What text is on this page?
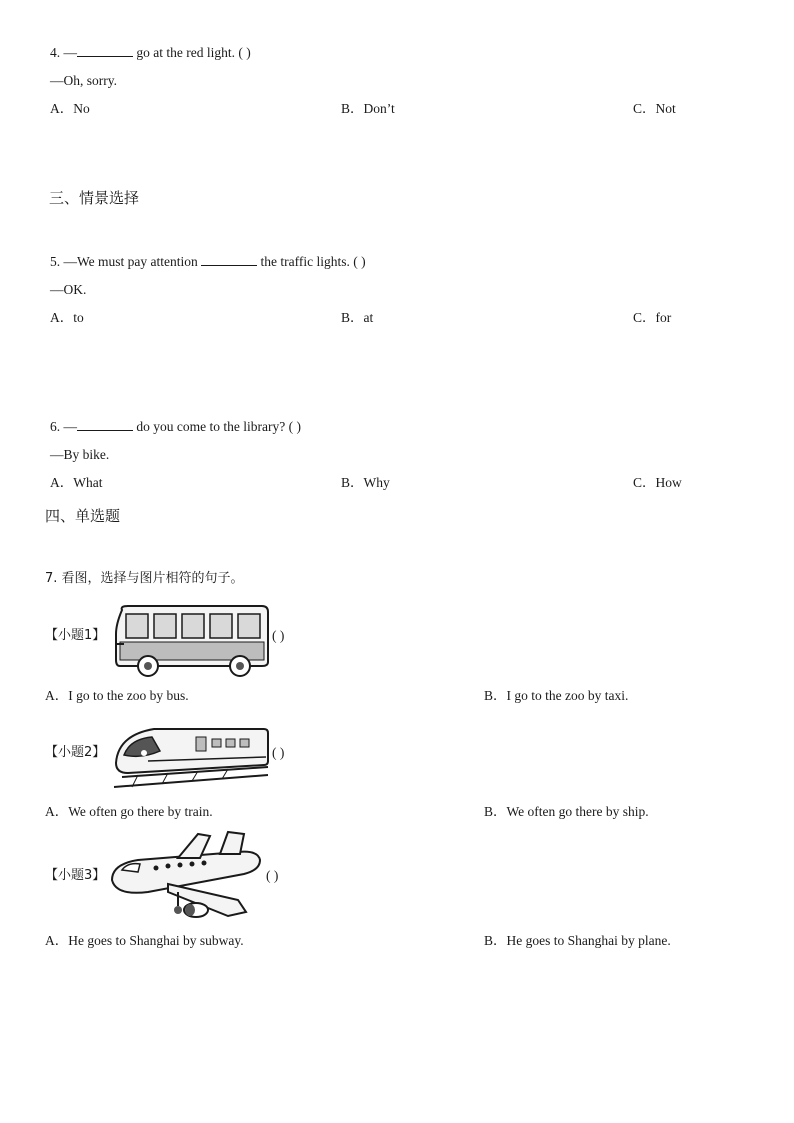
4. —	go at the red light. ( )
—Oh, sorry.
A．No	B．Don’t	C．Not
三、情景选择
5. —We must pay attention	the traffic lights. ( )
—OK.
A．to	B．at	C．for
6. —	do you come to the library? ( )
—By bike.
A．What	B．Why	C．How
四、单选题
7. 看图，选择与图片相符的句子。
【小题1】	( )
A．I go to the zoo by bus.	B．I go to the zoo by taxi.
【小题2】	( )
A．We often go there by train.	B．We often go there by ship.
【小题3】	( )
A．He goes to Shanghai by subway.	B．He goes to Shanghai by plane.
